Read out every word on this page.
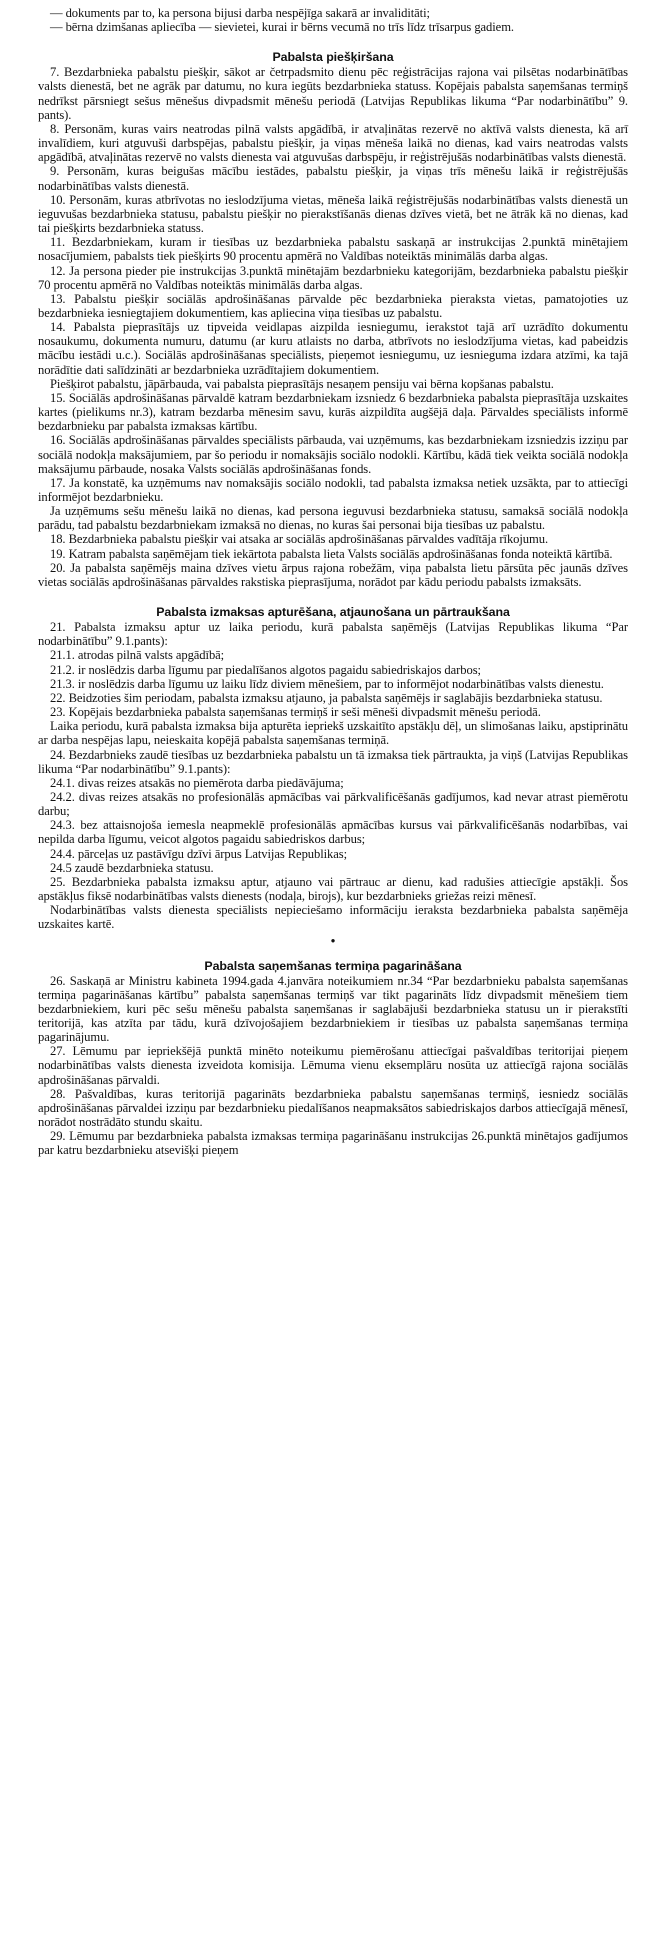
— dokuments par to, ka persona bijusi darba nespējīga sakarā ar invaliditāti;

— bērna dzimšanas apliecība — sievietei, kurai ir bērns vecumā no trīs līdz trīsarpus gadiem.

Pabalsta piešķiršana

7. Bezdarbnieka pabalstu piešķir, sākot ar četrpadsmito dienu pēc reģistrācijas rajona vai pilsētas nodarbinātības valsts dienestā, bet ne agrāk par datumu, no kura iegūts bezdarbnieka statuss. Kopējais pabalsta saņemšanas termiņš nedrīkst pārsniegt sešus mēnešus divpadsmit mēnešu periodā (Latvijas Republikas likuma “Par nodarbinātību” 9. pants).

8. Personām, kuras vairs neatrodas pilnā valsts apgādībā, ir atvaļinātas rezervē no aktīvā valsts dienesta, kā arī invalīdiem, kuri atguvuši darbspējas, pabalstu piešķir, ja viņas mēneša laikā no dienas, kad vairs neatrodas valsts apgādībā, atvaļinātas rezervē no valsts dienesta vai atguvušas darbspēju, ir reģistrējušās nodarbinātības valsts dienestā.

9. Personām, kuras beigušas mācību iestādes, pabalstu piešķir, ja viņas trīs mēnešu laikā ir reģistrējušās nodarbinātības valsts dienestā.

10. Personām, kuras atbrīvotas no ieslodzījuma vietas, mēneša laikā reģistrējušās nodarbinātības valsts dienestā un ieguvušas bezdarbnieka statusu, pabalstu piešķir no pierakstīšanās dienas dzīves vietā, bet ne ātrāk kā no dienas, kad tai piešķirts bezdarbnieka statuss.

11. Bezdarbniekam, kuram ir tiesības uz bezdarbnieka pabalstu saskaņā ar instrukcijas 2.punktā minētajiem nosacījumiem, pabalsts tiek piešķirts 90 procentu apmērā no Valdības noteiktās minimālās darba algas.

12. Ja persona pieder pie instrukcijas 3.punktā minētajām bezdarbnieku kategorijām, bezdarbnieka pabalstu piešķir 70 procentu apmērā no Valdības noteiktās minimālās darba algas.

13. Pabalstu piešķir sociālās apdrošināšanas pārvalde pēc bezdarbnieka pieraksta vietas, pamatojoties uz bezdarbnieka iesniegtajiem dokumentiem, kas apliecina viņa tiesības uz pabalstu.

14. Pabalsta pieprasītājs uz tipveida veidlapas aizpilda iesniegumu, ierakstot tajā arī uzrādīto dokumentu nosaukumu, dokumenta numuru, datumu (ar kuru atlaists no darba, atbrīvots no ieslodzījuma vietas, kad pabeidzis mācību iestādi u.c.). Sociālās apdrošināšanas speciālists, pieņemot iesniegumu, uz iesnieguma izdara atzīmi, ka tajā norādītie dati salīdzināti ar bezdarbnieka uzrādītajiem dokumentiem.

Piešķirot pabalstu, jāpārbauda, vai pabalsta pieprasītājs nesaņem pensiju vai bērna kopšanas pabalstu.

15. Sociālās apdrošināšanas pārvaldē katram bezdarbniekam izsniedz 6 bezdarbnieka pabalsta pieprasītāja uzskaites kartes (pielikums nr.3), katram bezdarba mēnesim savu, kurās aizpildīta augšējā daļa. Pārvaldes speciālists informē bezdarbnieku par pabalsta izmaksas kārtību.

16. Sociālās apdrošināšanas pārvaldes speciālists pārbauda, vai uzņēmums, kas bezdarbniekam izsniedzis izziņu par sociālā nodokļa maksājumiem, par šo periodu ir nomaksājis sociālo nodokli. Kārtību, kādā tiek veikta sociālā nodokļa maksājumu pārbaude, nosaka Valsts sociālās apdrošināšanas fonds.

17. Ja konstatē, ka uzņēmums nav nomaksājis sociālo nodokli, tad pabalsta izmaksa netiek uzsākta, par to attiecīgi informējot bezdarbnieku.

Ja uzņēmums sešu mēnešu laikā no dienas, kad persona ieguvusi bezdarbnieka statusu, samaksā sociālā nodokļa parādu, tad pabalstu bezdarbniekam izmaksā no dienas, no kuras šai personai bija tiesības uz pabalstu.

18. Bezdarbnieka pabalstu piešķir vai atsaka ar sociālās apdrošināšanas pārvaldes vadītāja rīkojumu.

19. Katram pabalsta saņēmējam tiek iekārtota pabalsta lieta Valsts sociālās apdrošināšanas fonda noteiktā kārtībā.

20. Ja pabalsta saņēmējs maina dzīves vietu ārpus rajona robežām, viņa pabalsta lietu pārsūta pēc jaunās dzīves vietas sociālās apdrošināšanas pārvaldes rakstiska pieprasījuma, norādot par kādu periodu pabalsts izmaksāts.

Pabalsta izmaksas apturēšana, atjaunošana un pārtraukšana

21. Pabalsta izmaksu aptur uz laika periodu, kurā pabalsta saņēmējs (Latvijas Republikas likuma “Par nodarbinātību” 9.1.pants):

21.1. atrodas pilnā valsts apgādībā;

21.2. ir noslēdzis darba līgumu par piedalīšanos algotos pagaidu sabiedriskajos darbos;

21.3. ir noslēdzis darba līgumu uz laiku līdz diviem mēnešiem, par to informējot nodarbinātības valsts dienestu.

22. Beidzoties šim periodam, pabalsta izmaksu atjauno, ja pabalsta saņēmējs ir saglabājis bezdarbnieka statusu.

23. Kopējais bezdarbnieka pabalsta saņemšanas termiņš ir seši mēneši divpadsmit mēnešu periodā.

Laika periodu, kurā pabalsta izmaksa bija apturēta iepriekš uzskaitīto apstākļu dēļ, un slimošanas laiku, apstiprinātu ar darba nespējas lapu, neieskaita kopējā pabalsta saņemšanas termiņā.

24. Bezdarbnieks zaudē tiesības uz bezdarbnieka pabalstu un tā izmaksa tiek pārtraukta, ja viņš (Latvijas Republikas likuma “Par nodarbinātību” 9.1.pants):

24.1. divas reizes atsakās no piemērota darba piedāvājuma;

24.2. divas reizes atsakās no profesionālās apmācības vai pārkvalificēšanās gadījumos, kad nevar atrast piemērotu darbu;

24.3. bez attaisnojoša iemesla neapmeklē profesionālās apmācības kursus vai pārkvalificēšanās nodarbības, vai nepilda darba līgumu, veicot algotos pagaidu sabiedriskos darbus;

24.4. pārceļas uz pastāvīgu dzīvi ārpus Latvijas Republikas;

24.5 zaudē bezdarbnieka statusu.

25. Bezdarbnieka pabalsta izmaksu aptur, atjauno vai pārtrauc ar dienu, kad radušies attiecīgie apstākļi. Šos apstākļus fiksē nodarbinātības valsts dienests (nodaļa, birojs), kur bezdarbnieks griežas reizi mēnesī.

Nodarbinātības valsts dienesta speciālists nepieciešamo informāciju ieraksta bezdarbnieka pabalsta saņēmēja uzskaites kartē.

●
Pabalsta saņemšanas termiņa pagarināšana

26. Saskaņā ar Ministru kabineta 1994.gada 4.janvāra noteikumiem nr.34 “Par bezdarbnieku pabalsta saņemšanas termiņa pagarināšanas kārtību” pabalsta saņemšanas termiņš var tikt pagarināts līdz divpadsmit mēnešiem tiem bezdarbniekiem, kuri pēc sešu mēnešu pabalsta saņemšanas ir saglabājuši bezdarbnieka statusu un ir pierakstīti teritorijā, kas atzīta par tādu, kurā dzīvojošajiem bezdarbniekiem ir tiesības uz pabalsta saņemšanas termiņa pagarinājumu.

27. Lēmumu par iepriekšējā punktā minēto noteikumu piemērošanu attiecīgai pašvaldības teritorijai pieņem nodarbinātības valsts dienesta izveidota komisija. Lēmuma vienu eksemplāru nosūta uz attiecīgā rajona sociālās apdrošināšanas pārvaldi.

28. Pašvaldības, kuras teritorijā pagarināts bezdarbnieka pabalstu saņemšanas termiņš, iesniedz sociālās apdrošināšanas pārvaldei izziņu par bezdarbnieku piedalīšanos neapmaksātos sabiedriskajos darbos attiecīgajā mēnesī, norādot nostrādāto stundu skaitu.

29. Lēmumu par bezdarbnieka pabalsta izmaksas termiņa pagarināšanu instrukcijas 26.punktā minētajos gadījumos par katru bezdarbnieku atsevišķi pieņem
